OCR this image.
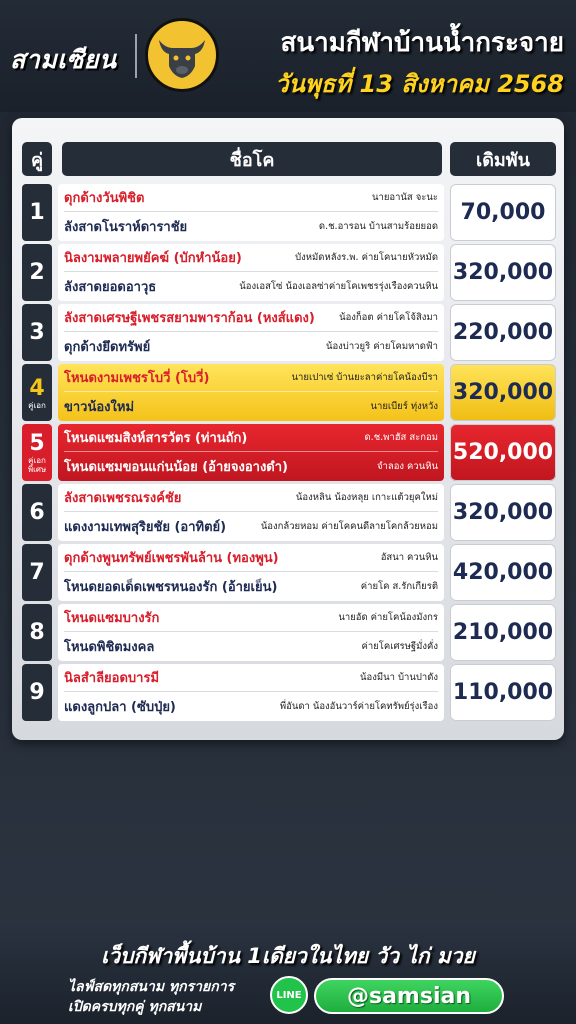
สามเซียน
สนามกีฬาบ้านน้ำกระจาย
วันพุธที่ 13 สิงหาคม 2568
คู่	ชื่อโค	เดิมพัน
1
ดุกด้างวันพิชิต	นายอานัส จะนะ
ลังสาดโนราห์ดาราชัย	ด.ช.อารอน บ้านสามร้อยยอด
70,000
2
นิลงามพลายพยัคฆ์ (บักหำน้อย)	บังหมัดหลังร.พ. ค่ายโคนายหัวหมัด
ลังสาดยอดอาวุธ	น้องเอสโซ่ น้องเอลซ่าค่ายโคเพชรรุ่งเรืองควนหิน
320,000
3
ลังสาดเศรษฐีเพชรสยามพาราก้อน (หงส์แดง)	น้องก็อต ค่ายโคโจ้สิงมา
ดุกด้างยึดทรัพย์	น้องบ่าวยูริ ค่ายโคมหาดฟ้า
220,000
4
คู่เอก
โหนดงามเพชรโบวี่ (โบวี่)	นายเปาเซ่ บ้านยะลาค่ายโคน้องบีรา
ขาวน้องใหม่	นายเบียร์ ทุ่งหวัง
320,000
5
คู่เอก พิเศษ
โหนดแซมสิงห์สารวัตร (ท่านถัก)	ด.ช.พาฮัส สะกอม
โหนดแซมขอนแก่นน้อย (อ้ายจงอางดำ)	จำลอง ควนหิน
520,000
6
ลังสาดเพชรณรงค์ชัย	น้องหลิน น้องหลุย เกาะแต้วยุคใหม่
แดงงามเทพสุริยชัย (อาทิตย์)	น้องกล้วยหอม ค่ายโคคนดีลายโคกล้วยหอม
320,000
7
ดุกด้างพูนทรัพย์เพชรพันล้าน (ทองพูน)	อัสนา ควนหิน
โหนดยอดเด็ดเพชรหนองรัก (อ้ายเย็น)	ค่ายโค ส.รักเกียรติ
420,000
8
โหนดแซมบางรัก	นายอัด ค่ายโคน้องมังกร
โหนดพิชิตมงคล	ค่ายโคเศรษฐีมั่งคั่ง
210,000
9
นิลสำลียอดบารมี	น้องมีนา บ้านปาดัง
แดงลูกปลา (ซับปุ่ย)	พี่อันดา น้องอันวาร์ค่ายโคทรัพย์รุ่งเรือง
110,000
เว็บกีฬาพื้นบ้าน 1เดียวในไทย วัว ไก่ มวย
ไลฟ์สดทุกสนาม ทุกรายการ
เปิดครบทุกคู่ ทุกสนาม
LINE	@samsian
